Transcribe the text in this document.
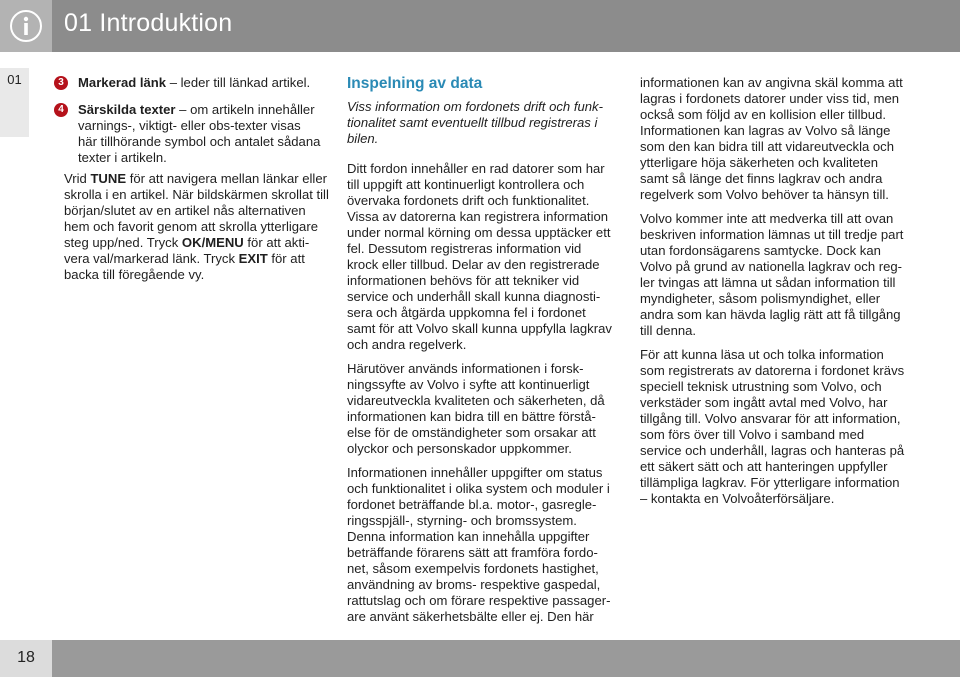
01 Introduktion
01	3	Markerad länk – leder till länkad artikel.
4	Särskilda texter – om artikeln innehåller
varnings-, viktigt- eller obs-texter visas
här tillhörande symbol och antalet sådana
texter i artikeln.

Vrid TUNE för att navigera mellan länkar eller
skrolla i en artikel. När bildskärmen skrollat till
början/slutet av en artikel nås alternativen
hem och favorit genom att skrolla ytterligare
steg upp/ned. Tryck OK/MENU för att akti-
vera val/markerad länk. Tryck EXIT för att
backa till föregående vy.

Inspelning av data

Viss information om fordonets drift och funk-
tionalitet samt eventuellt tillbud registreras i
bilen.

Ditt fordon innehåller en rad datorer som har
till uppgift att kontinuerligt kontrollera och
övervaka fordonets drift och funktionalitet.
Vissa av datorerna kan registrera information
under normal körning om dessa upptäcker ett
fel. Dessutom registreras information vid
krock eller tillbud. Delar av den registrerade
informationen behövs för att tekniker vid
service och underhåll skall kunna diagnosti-
sera och åtgärda uppkomna fel i fordonet
samt för att Volvo skall kunna uppfylla lagkrav
och andra regelverk.

Härutöver används informationen i forsk-
ningssyfte av Volvo i syfte att kontinuerligt
vidareutveckla kvaliteten och säkerheten, då
informationen kan bidra till en bättre förstå-
else för de omständigheter som orsakar att
olyckor och personskador uppkommer.

Informationen innehåller uppgifter om status
och funktionalitet i olika system och moduler i
fordonet beträffande bl.a. motor-, gasregle-
ringsspjäll-, styrning- och bromssystem.
Denna information kan innehålla uppgifter
beträffande förarens sätt att framföra fordo-
net, såsom exempelvis fordonets hastighet,
användning av broms- respektive gaspedal,
rattutslag och om förare respektive passager-
are använt säkerhetsbälte eller ej. Den här

informationen kan av angivna skäl komma att
lagras i fordonets datorer under viss tid, men
också som följd av en kollision eller tillbud.
Informationen kan lagras av Volvo så länge
som den kan bidra till att vidareutveckla och
ytterligare höja säkerheten och kvaliteten
samt så länge det finns lagkrav och andra
regelverk som Volvo behöver ta hänsyn till.

Volvo kommer inte att medverka till att ovan
beskriven information lämnas ut till tredje part
utan fordonsägarens samtycke. Dock kan
Volvo på grund av nationella lagkrav och reg-
ler tvingas att lämna ut sådan information till
myndigheter, såsom polismyndighet, eller
andra som kan hävda laglig rätt att få tillgång
till denna.

För att kunna läsa ut och tolka information
som registrerats av datorerna i fordonet krävs
speciell teknisk utrustning som Volvo, och
verkstäder som ingått avtal med Volvo, har
tillgång till. Volvo ansvarar för att information,
som förs över till Volvo i samband med
service och underhåll, lagras och hanteras på
ett säkert sätt och att hanteringen uppfyller
tillämpliga lagkrav. För ytterligare information
– kontakta en Volvoåterförsäljare.

18
